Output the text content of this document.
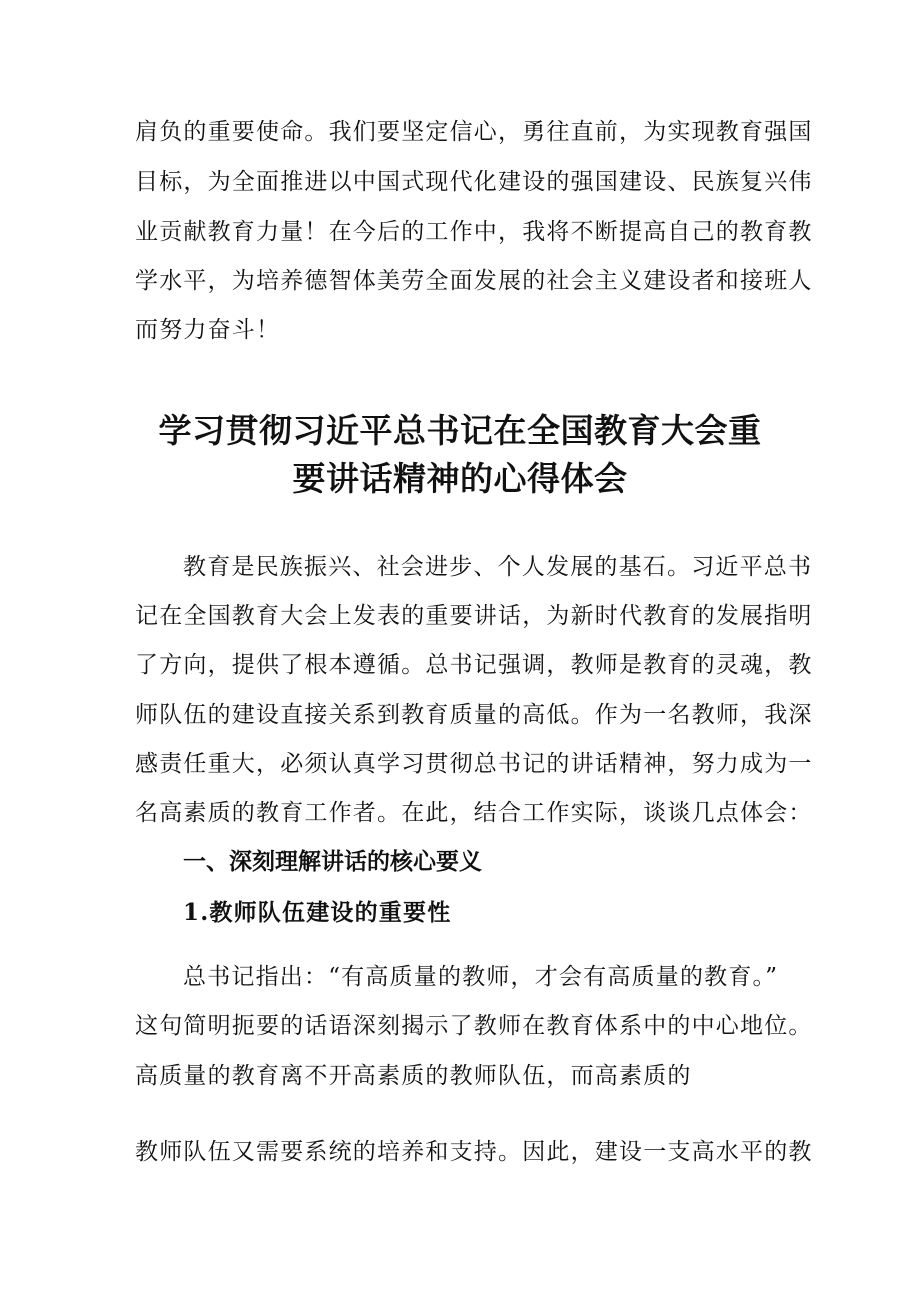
肩负的重要使命。我们要坚定信心，勇往直前，为实现教育强国

目标，为全面推进以中国式现代化建设的强国建设、民族复兴伟

业贡献教育力量！在今后的工作中，我将不断提高自己的教育教

学水平，为培养德智体美劳全面发展的社会主义建设者和接班人

而努力奋斗！

学习贯彻习近平总书记在全国教育大会重
要讲话精神的心得体会

教育是民族振兴、社会进步、个人发展的基石。习近平总书

记在全国教育大会上发表的重要讲话，为新时代教育的发展指明

了方向，提供了根本遵循。总书记强调，教师是教育的灵魂，教

师队伍的建设直接关系到教育质量的高低。作为一名教师，我深

感责任重大，必须认真学习贯彻总书记的讲话精神，努力成为一

名高素质的教育工作者。在此，结合工作实际，谈谈几点体会：

一、深刻理解讲话的核心要义
1.教师队伍建设的重要性

总书记指出：“有高质量的教师，才会有高质量的教育。”

这句简明扼要的话语深刻揭示了教师在教育体系中的中心地位。

高质量的教育离不开高素质的教师队伍，而高素质的

教师队伍又需要系统的培养和支持。因此，建设一支高水平的教
